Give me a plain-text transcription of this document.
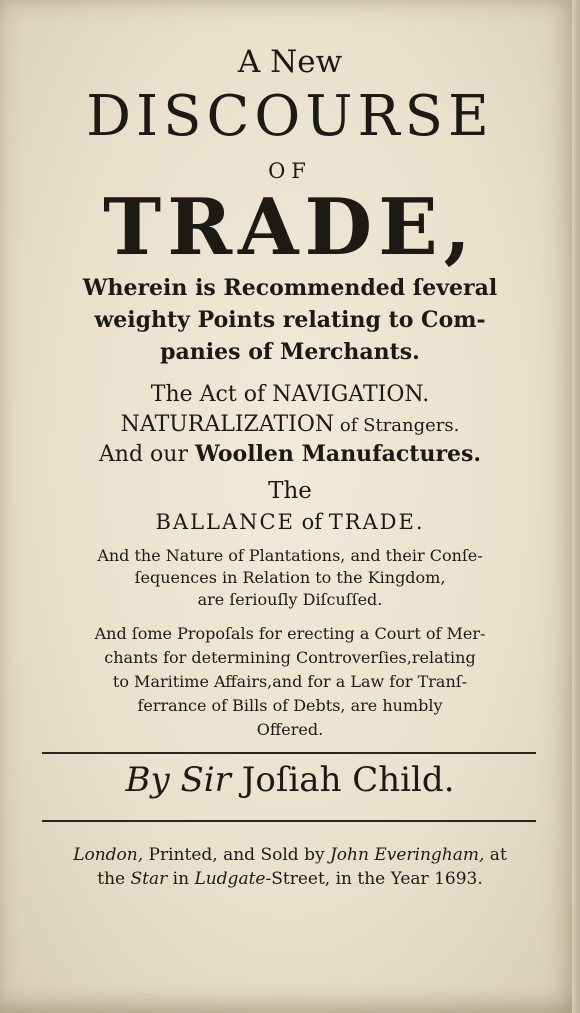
A New
DISCOURSE
OF
TRADE,
Wherein is Recommended ſeveral
weighty Points relating to Com-
panies of Merchants.
The Act of NAVIGATION.
NATURALIZATION of Strangers.
And our Woollen Manufactures.
The
BALLANCE of TRADE.
And the Nature of Plantations, and their Conſe-
ſequences in Relation to the Kingdom,
are ſeriouſly Diſcuſſed.
And ſome Propoſals for erecting a Court of Mer-
chants for determining Controverſies,relating
to Maritime Affairs,and for a Law for Tranſ-
ferrance of Bills of Debts, are humbly
Offered.
By Sir Joſiah Child.
London, Printed, and Sold by John Everingham, at
the Star in Ludgate-Street, in the Year 1693.
